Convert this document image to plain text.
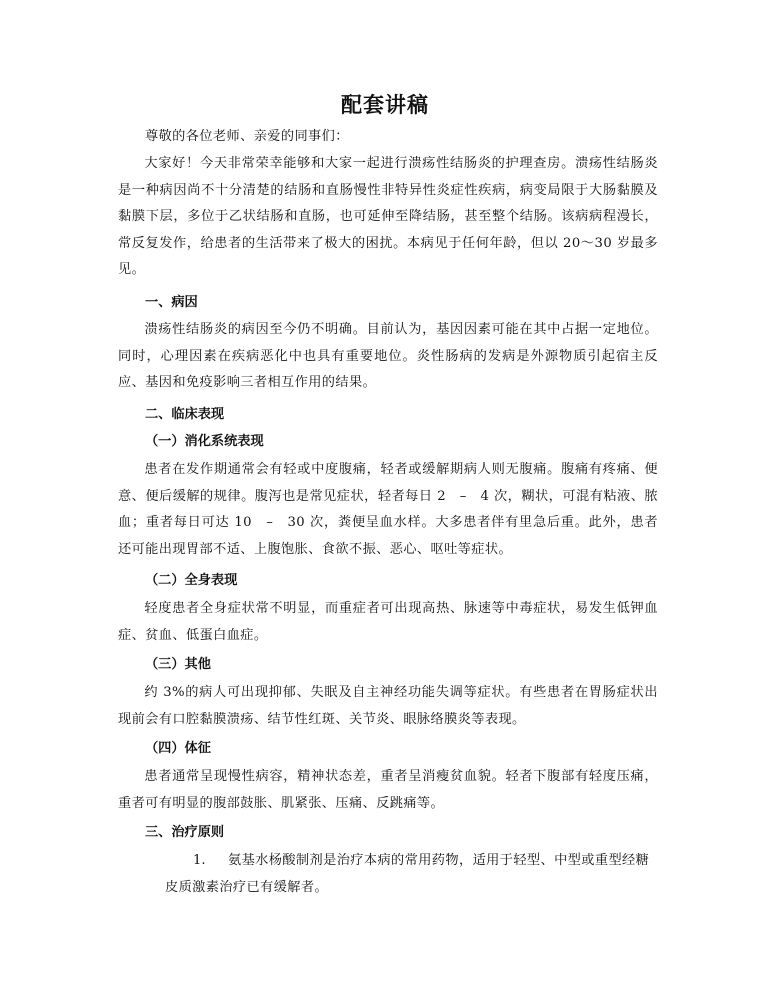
配套讲稿

尊敬的各位老师、亲爱的同事们：

大家好！今天非常荣幸能够和大家一起进行溃疡性结肠炎的护理查房。溃疡性结肠炎是一种病因尚不十分清楚的结肠和直肠慢性非特异性炎症性疾病，病变局限于大肠黏膜及黏膜下层，多位于乙状结肠和直肠，也可延伸至降结肠，甚至整个结肠。该病病程漫长，常反复发作，给患者的生活带来了极大的困扰。本病见于任何年龄，但以 20～30 岁最多见。

一、病因

溃疡性结肠炎的病因至今仍不明确。目前认为，基因因素可能在其中占据一定地位。同时，心理因素在疾病恶化中也具有重要地位。炎性肠病的发病是外源物质引起宿主反应、基因和免疫影响三者相互作用的结果。

二、临床表现

（一）消化系统表现

患者在发作期通常会有轻或中度腹痛，轻者或缓解期病人则无腹痛。腹痛有疼痛、便意、便后缓解的规律。腹泻也是常见症状，轻者每日 2　–　4 次，糊状，可混有粘液、脓血；重者每日可达 10　–　30 次，粪便呈血水样。大多患者伴有里急后重。此外，患者还可能出现胃部不适、上腹饱胀、食欲不振、恶心、呕吐等症状。

（二）全身表现

轻度患者全身症状常不明显，而重症者可出现高热、脉速等中毒症状，易发生低钾血症、贫血、低蛋白血症。

（三）其他

约 3%的病人可出现抑郁、失眠及自主神经功能失调等症状。有些患者在胃肠症状出现前会有口腔黏膜溃疡、结节性红斑、关节炎、眼脉络膜炎等表现。

（四）体征

患者通常呈现慢性病容，精神状态差，重者呈消瘦贫血貌。轻者下腹部有轻度压痛，重者可有明显的腹部鼓胀、肌紧张、压痛、反跳痛等。

三、治疗原则

氨基水杨酸制剂是治疗本病的常用药物，适用于轻型、中型或重型经糖皮质激素治疗已有缓解者。

1.
